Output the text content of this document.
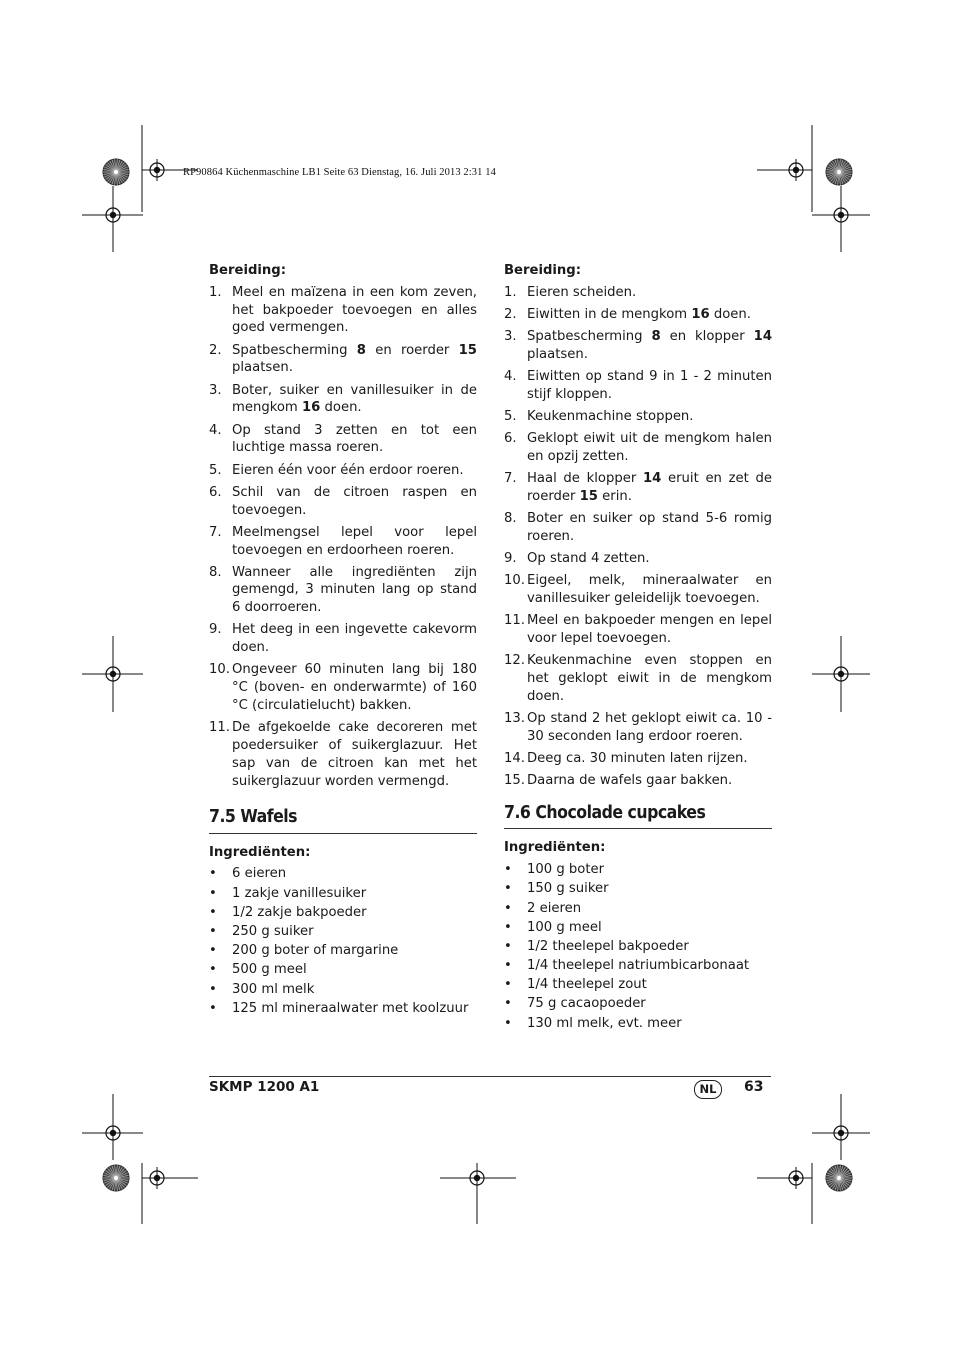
RP90864 Küchenmaschine LB1 Seite 63 Dienstag, 16. Juli 2013 2:31 14
Bereiding:
1. Meel en maïzena in een kom zeven, het bakpoeder toevoegen en alles goed vermengen.
2. Spatbescherming 8 en roerder 15 plaatsen.
3. Boter, suiker en vanillesuiker in de mengkom 16 doen.
4. Op stand 3 zetten en tot een luchtige massa roeren.
5. Eieren één voor één erdoor roeren.
6. Schil van de citroen raspen en toevoegen.
7. Meelmengsel lepel voor lepel toevoegen en erdoorheen roeren.
8. Wanneer alle ingrediënten zijn gemengd, 3 minuten lang op stand 6 doorroeren.
9. Het deeg in een ingevette cakevorm doen.
10. Ongeveer 60 minuten lang bij 180 °C (boven- en onderwarmte) of 160 °C (circulatielucht) bakken.
11. De afgekoelde cake decoreren met poedersuiker of suikerglazuur. Het sap van de citroen kan met het suikerglazuur worden vermengd.
7.5 Wafels
Ingrediënten:
• 6 eieren
• 1 zakje vanillesuiker
• 1/2 zakje bakpoeder
• 250 g suiker
• 200 g boter of margarine
• 500 g meel
• 300 ml melk
• 125 ml mineraalwater met koolzuur
Bereiding:
1. Eieren scheiden.
2. Eiwitten in de mengkom 16 doen.
3. Spatbescherming 8 en klopper 14 plaatsen.
4. Eiwitten op stand 9 in 1 - 2 minuten stijf kloppen.
5. Keukenmachine stoppen.
6. Geklopt eiwit uit de mengkom halen en opzij zetten.
7. Haal de klopper 14 eruit en zet de roerder 15 erin.
8. Boter en suiker op stand 5-6 romig roeren.
9. Op stand 4 zetten.
10. Eigeel, melk, mineraalwater en vanillesuiker geleidelijk toevoegen.
11. Meel en bakpoeder mengen en lepel voor lepel toevoegen.
12. Keukenmachine even stoppen en het geklopt eiwit in de mengkom doen.
13. Op stand 2 het geklopt eiwit ca. 10 - 30 seconden lang erdoor roeren.
14. Deeg ca. 30 minuten laten rijzen.
15. Daarna de wafels gaar bakken.
7.6 Chocolade cupcakes
Ingrediënten:
• 100 g boter
• 150 g suiker
• 2 eieren
• 100 g meel
• 1/2 theelepel bakpoeder
• 1/4 theelepel natriumbicarbonaat
• 1/4 theelepel zout
• 75 g cacaopoeder
• 130 ml melk, evt. meer
SKMP 1200 A1	NL	63
